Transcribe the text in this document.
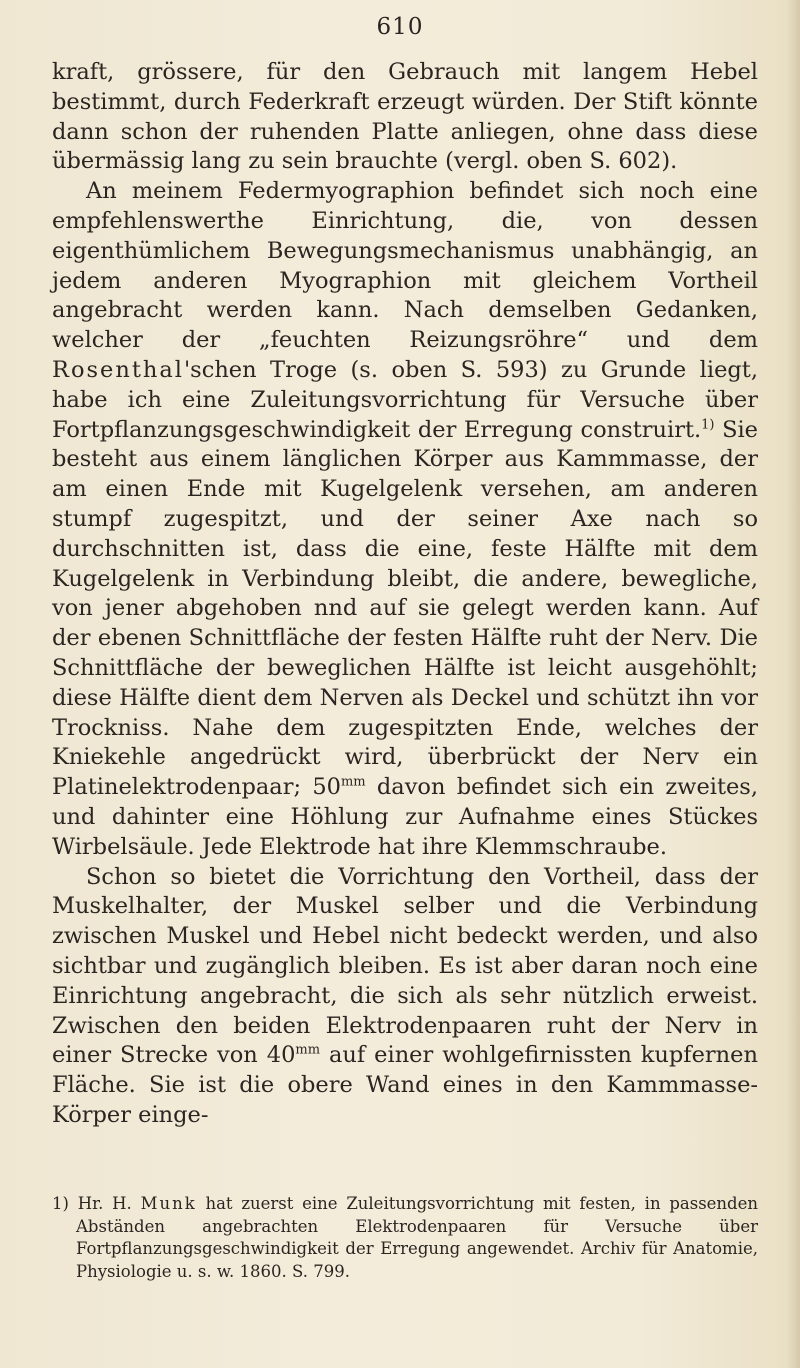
610

kraft, grössere, für den Gebrauch mit langem Hebel bestimmt, durch Federkraft erzeugt würden. Der Stift könnte dann schon der ruhenden Platte anliegen, ohne dass diese übermässig lang zu sein brauchte (vergl. oben S. 602).

An meinem Federmyographion befindet sich noch eine empfehlenswerthe Einrichtung, die, von dessen eigenthümlichem Bewegungsmechanismus unabhängig, an jedem anderen Myographion mit gleichem Vortheil angebracht werden kann. Nach demselben Gedanken, welcher der „feuchten Reizungsröhre“ und dem Rosenthal'schen Troge (s. oben S. 593) zu Grunde liegt, habe ich eine Zuleitungsvorrichtung für Versuche über Fortpflanzungsgeschwindigkeit der Erregung construirt.$^{1)}$ Sie besteht aus einem länglichen Körper aus Kammmasse, der am einen Ende mit Kugelgelenk versehen, am anderen stumpf zugespitzt, und der seiner Axe nach so durchschnitten ist, dass die eine, feste Hälfte mit dem Kugelgelenk in Verbindung bleibt, die andere, bewegliche, von jener abgehoben nnd auf sie gelegt werden kann. Auf der ebenen Schnittfläche der festen Hälfte ruht der Nerv. Die Schnittfläche der beweglichen Hälfte ist leicht ausgehöhlt; diese Hälfte dient dem Nerven als Deckel und schützt ihn vor Trockniss. Nahe dem zugespitzten Ende, welches der Kniekehle angedrückt wird, überbrückt der Nerv ein Platinelektrodenpaar; 50$^{mm}$ davon befindet sich ein zweites, und dahinter eine Höhlung zur Aufnahme eines Stückes Wirbelsäule. Jede Elektrode hat ihre Klemmschraube.

Schon so bietet die Vorrichtung den Vortheil, dass der Muskelhalter, der Muskel selber und die Verbindung zwischen Muskel und Hebel nicht bedeckt werden, und also sichtbar und zugänglich bleiben. Es ist aber daran noch eine Einrichtung angebracht, die sich als sehr nützlich erweist. Zwischen den beiden Elektrodenpaaren ruht der Nerv in einer Strecke von 40$^{mm}$ auf einer wohlgefirnissten kupfernen Fläche. Sie ist die obere Wand eines in den Kammmasse-Körper einge-

1) Hr. H. Munk hat zuerst eine Zuleitungsvorrichtung mit festen, in passenden Abständen angebrachten Elektrodenpaaren für Versuche über Fortpflanzungsgeschwindigkeit der Erregung angewendet. Archiv für Anatomie, Physiologie u. s. w. 1860. S. 799.
